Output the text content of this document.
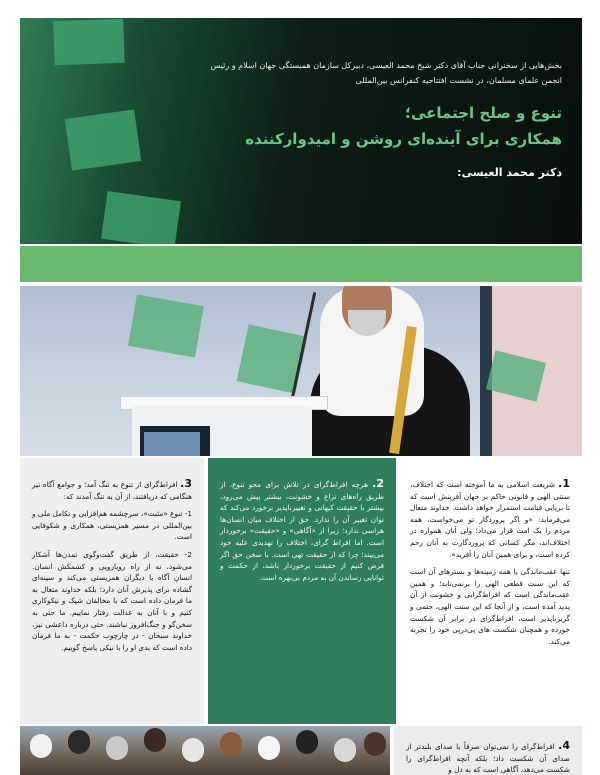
بخش‌هایی از سخنرانی جناب آقای دکتر شیخ محمد العیسی، دبیرکل سازمان همبستگی جهان اسلام و رئیس انجمن علمای مسلمان، در نشست افتتاحیه کنفرانس بین‌المللی

تنوع و صلح اجتماعی؛
همکاری برای آینده‌ای روشن و امیدوارکننده

دکتر محمد العیسی:

1. شریعت اسلامی به ما آموخته است که اختلاف، سنتی الهی و قانونی حاکم بر جهان آفرینش است که تا برپایی قیامت استمرار خواهد داشت. خداوند متعال می‌فرماید: «و اگر پروردگار تو می‌خواست، همه مردم را یک امت قرار می‌داد؛ ولی آنان همواره در اختلاف‌اند، مگر کسانی که پروردگارت به آنان رحم کرده است، و برای همین آنان را آفرید».

تنها عقب‌ماندگی یا همه زمینه‌ها و بسترهای آن است که این سنت قطعی الهی را برنمی‌تابد؛ و همین عقب‌ماندگی است که افراط‌گرایی و خشونت از آن پدید آمده است، و از آنجا که این سنت الهی، حتمی و گریزناپذیر است، افراط‌گرای در برابر آن شکست خورده و همچنان شکست های پی‌درپی خود را تجربه می‌کند.

2. هرچه افراط‌گرای در تلاش برای محو تنوع، از طریق راه‌های نزاع و خشونت، بیشتر پیش می‌رود، بیشتر با حقیقت کیهانی و تغییرناپذیر برخورد می‌کند که توان تغییر آن را ندارد. حق از اختلاف میان انسان‌ها هراسی ندارد؛ زیرا از «آگاهی» و «حقیقت» برخوردار است. اما افراط گرای، اختلاف را تهدیدی علیه خود می‌بیند؛ چرا که از حقیقت تهی است. با سخن حق اگر فرض کنیم از حقیقت برخوردار باشد، از حکمت و توانایی رساندن آن به مردم بی‌بهره است.

3. افراط‌گرای از تنوع به تنگ آمد؛ و جوامع آگاه نیز هنگامی که دریافتند، از آن به تنگ آمدند که:

1- تنوع «مثبت»، سرچشمه هم‌افزایی و تکامل ملی و بین‌المللی در مسیر همزیستی، همکاری و شکوفایی است.

2- حقیقت، از طریق گفت‌وگوی تمدن‌ها آشکار می‌شود، نه از راه رویارویی و کشمکش انسان. انسانِ آگاه با دیگران همزیستی می‌کند و سینه‌ای گشاده برای پذیرش آنان دارد؛ بلکه خداوند متعال به ما فرمان داده است که با مخالفان شیک و نیکوکاری کنیم و با آنان به عدالت رفتار نماییم. ما حتی به سخن‌گو و جنگ‌افروز نباشند. حتی درباره داعشی نیز، خداوند سبحان - در چارچوب حکمت - به ما فرمان داده است که بدی او را با نیکی پاسخ گوییم.

4. افراط‌گرای را نمی‌توان صرفاً با صدای بلندتر از صدای آن شکست داد؛ بلکه آنچه افراط‌گرای را شکست می‌دهد، آگاهی است که به دل و
